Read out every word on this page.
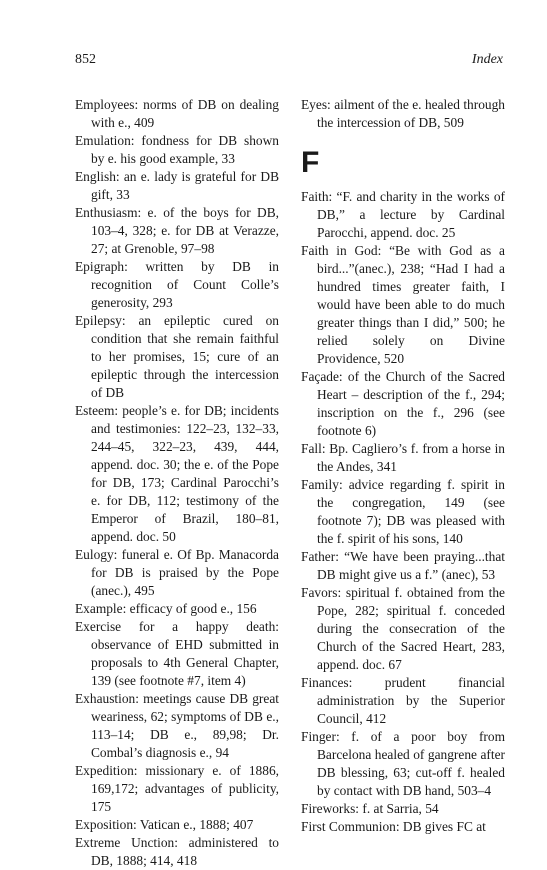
852	Index

Employees: norms of DB on dealing with e., 409

Emulation: fondness for DB shown by e. his good example, 33

English: an e. lady is grateful for DB gift, 33

Enthusiasm: e. of the boys for DB, 103–4, 328; e. for DB at Verazze, 27; at Grenoble, 97–98

Epigraph: written by DB in recognition of Count Colle’s generosity, 293

Epilepsy: an epileptic cured on condition that she remain faithful to her promises, 15; cure of an epileptic through the intercession of DB

Esteem: people’s e. for DB; incidents and testimonies: 122–23, 132–33, 244–45, 322–23, 439, 444, append. doc. 30; the e. of the Pope for DB, 173; Cardinal Parocchi’s e. for DB, 112; testimony of the Emperor of Brazil, 180–81, append. doc. 50

Eulogy: funeral e. Of Bp. Manacorda for DB is praised by the Pope (anec.), 495

Example: efficacy of good e., 156

Exercise for a happy death: observance of EHD submitted in proposals to 4th General Chapter, 139 (see footnote #7, item 4)

Exhaustion: meetings cause DB great weariness, 62; symptoms of DB e., 113–14; DB e., 89,98; Dr. Combal’s diagnosis e., 94

Expedition: missionary e. of 1886, 169,172; advantages of publicity, 175

Exposition: Vatican e., 1888; 407

Extreme Unction: administered to DB, 1888; 414, 418

Eyes: ailment of the e. healed through the intercession of DB, 509

F

Faith: “F. and charity in the works of DB,” a lecture by Cardinal Parocchi, append. doc. 25

Faith in God: “Be with God as a bird...”(anec.), 238; “Had I had a hundred times greater faith, I would have been able to do much greater things than I did,” 500; he relied solely on Divine Providence, 520

Façade: of the Church of the Sacred Heart – description of the f., 294; inscription on the f., 296 (see footnote 6)

Fall: Bp. Cagliero’s f. from a horse in the Andes, 341

Family: advice regarding f. spirit in the congregation, 149 (see footnote 7); DB was pleased with the f. spirit of his sons, 140

Father: “We have been praying...that DB might give us a f.” (anec), 53

Favors: spiritual f. obtained from the Pope, 282; spiritual f. conceded during the consecration of the Church of the Sacred Heart, 283, append. doc. 67

Finances: prudent financial administration by the Superior Council, 412

Finger: f. of a poor boy from Barcelona healed of gangrene after DB blessing, 63; cut-off f. healed by contact with DB hand, 503–4

Fireworks: f. at Sarria, 54

First Communion: DB gives FC at
